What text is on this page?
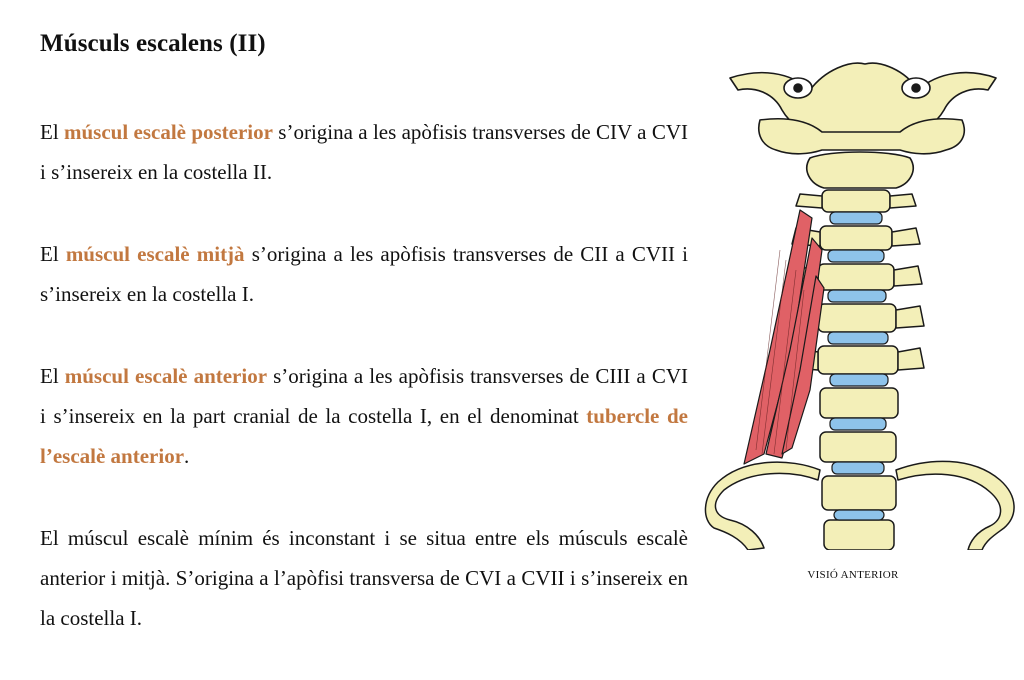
Músculs escalens (II)

El múscul escalè posterior s’origina a les apòfisis transverses de CIV a CVI i s’insereix en la costella II.

El múscul escalè mitjà s’origina a les apòfisis transverses de CII a CVII i s’insereix en la costella I.

El múscul escalè anterior s’origina a les apòfisis transverses de CIII a CVI i s’insereix en la part cranial de la costella I, en el denominat tubercle de l’escalè anterior.

El múscul escalè mínim és inconstant i se situa entre els músculs escalè anterior i mitjà. S’origina a l’apòfisi transversa de CVI a CVII i s’insereix en la costella I.

VISIÓ ANTERIOR
